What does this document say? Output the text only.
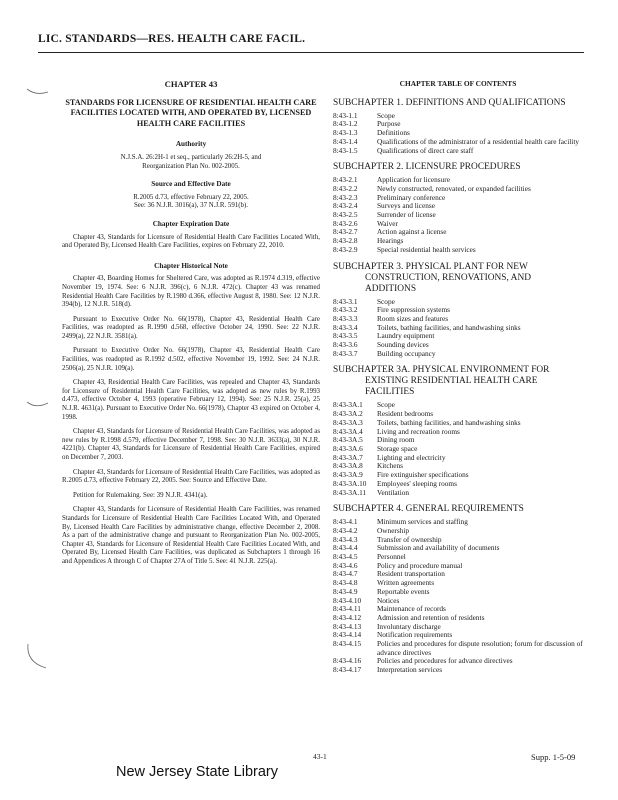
LIC. STANDARDS—RES. HEALTH CARE FACIL.
CHAPTER 43
STANDARDS FOR LICENSURE OF RESIDENTIAL HEALTH CARE FACILITIES LOCATED WITH, AND OPERATED BY, LICENSED HEALTH CARE FACILITIES
Authority
N.J.S.A. 26:2H-1 et seq., particularly 26:2H-5, and
Reorganization Plan No. 002-2005.
Source and Effective Date
R.2005 d.73, effective February 22, 2005.
See: 36 N.J.R. 3016(a), 37 N.J.R. 591(b).
Chapter Expiration Date
Chapter 43, Standards for Licensure of Residential Health Care Facilities Located With, and Operated By, Licensed Health Care Facilities, expires on February 22, 2010.
Chapter Historical Note
Chapter 43, Boarding Homes for Sheltered Care, was adopted as R.1974 d.319, effective November 19, 1974. See: 6 N.J.R. 396(c), 6 N.J.R. 472(c). Chapter 43 was renamed Residential Health Care Facilities by R.1980 d.366, effective August 8, 1980. See: 12 N.J.R. 394(b), 12 N.J.R. 518(d).
Pursuant to Executive Order No. 66(1978), Chapter 43, Residential Health Care Facilities, was readopted as R.1990 d.568, effective October 24, 1990. See: 22 N.J.R. 2499(a), 22 N.J.R. 3581(a).
Pursuant to Executive Order No. 66(1978), Chapter 43, Residential Health Care Facilities, was readopted as R.1992 d.502, effective November 19, 1992. See: 24 N.J.R. 2506(a), 25 N.J.R. 109(a).
Chapter 43, Residential Health Care Facilities, was repealed and Chapter 43, Standards for Licensure of Residential Health Care Facilities, was adopted as new rules by R.1993 d.473, effective October 4, 1993 (operative February 12, 1994). See: 25 N.J.R. 25(a), 25 N.J.R. 4631(a). Pursuant to Executive Order No. 66(1978), Chapter 43 expired on October 4, 1998.
Chapter 43, Standards for Licensure of Residential Health Care Facilities, was adopted as new rules by R.1998 d.579, effective December 7, 1998. See: 30 N.J.R. 3633(a), 30 N.J.R. 4221(b). Chapter 43, Standards for Licensure of Residential Health Care Facilities, expired on December 7, 2003.
Chapter 43, Standards for Licensure of Residential Health Care Facilities, was adopted as R.2005 d.73, effective February 22, 2005. See: Source and Effective Date.
Petition for Rulemaking. See: 39 N.J.R. 4341(a).
Chapter 43, Standards for Licensure of Residential Health Care Facilities, was renamed Standards for Licensure of Residential Health Care Facilities Located With, and Operated By, Licensed Health Care Facilities by administrative change, effective December 2, 2008. As a part of the administrative change and pursuant to Reorganization Plan No. 002-2005, Chapter 43, Standards for Licensure of Residential Health Care Facilities Located With, and Operated By, Licensed Health Care Facilities, was duplicated as Subchapters 1 through 16 and Appendices A through C of Chapter 27A of Title 5. See: 41 N.J.R. 225(a).
CHAPTER TABLE OF CONTENTS
SUBCHAPTER 1. DEFINITIONS AND QUALIFICATIONS
8:43-1.1	Scope
8:43-1.2	Purpose
8:43-1.3	Definitions
8:43-1.4	Qualifications of the administrator of a residential health care facility
8:43-1.5	Qualifications of direct care staff
SUBCHAPTER 2. LICENSURE PROCEDURES
8:43-2.1	Application for licensure
8:43-2.2	Newly constructed, renovated, or expanded facilities
8:43-2.3	Preliminary conference
8:43-2.4	Surveys and license
8:43-2.5	Surrender of license
8:43-2.6	Waiver
8:43-2.7	Action against a license
8:43-2.8	Hearings
8:43-2.9	Special residential health services
SUBCHAPTER 3. PHYSICAL PLANT FOR NEW
CONSTRUCTION, RENOVATIONS, AND
ADDITIONS
8:43-3.1	Scope
8:43-3.2	Fire suppression systems
8:43-3.3	Room sizes and features
8:43-3.4	Toilets, bathing facilities, and handwashing sinks
8:43-3.5	Laundry equipment
8:43-3.6	Sounding devices
8:43-3.7	Building occupancy
SUBCHAPTER 3A. PHYSICAL ENVIRONMENT FOR
EXISTING RESIDENTIAL HEALTH CARE
FACILITIES
8:43-3A.1	Scope
8:43-3A.2	Resident bedrooms
8:43-3A.3	Toilets, bathing facilities, and handwashing sinks
8:43-3A.4	Living and recreation rooms
8:43-3A.5	Dining room
8:43-3A.6	Storage space
8:43-3A.7	Lighting and electricity
8:43-3A.8	Kitchens
8:43-3A.9	Fire extinguisher specifications
8:43-3A.10	Employees' sleeping rooms
8:43-3A.11	Ventilation
SUBCHAPTER 4. GENERAL REQUIREMENTS
8:43-4.1	Minimum services and staffing
8:43-4.2	Ownership
8:43-4.3	Transfer of ownership
8:43-4.4	Submission and availability of documents
8:43-4.5	Personnel
8:43-4.6	Policy and procedure manual
8:43-4.7	Resident transportation
8:43-4.8	Written agreements
8:43-4.9	Reportable events
8:43-4.10	Notices
8:43-4.11	Maintenance of records
8:43-4.12	Admission and retention of residents
8:43-4.13	Involuntary discharge
8:43-4.14	Notification requirements
8:43-4.15	Policies and procedures for dispute resolution; forum for discussion of advance directives
8:43-4.16	Policies and procedures for advance directives
8:43-4.17	Interpretation services
43-1	Supp. 1-5-09
New Jersey State Library
